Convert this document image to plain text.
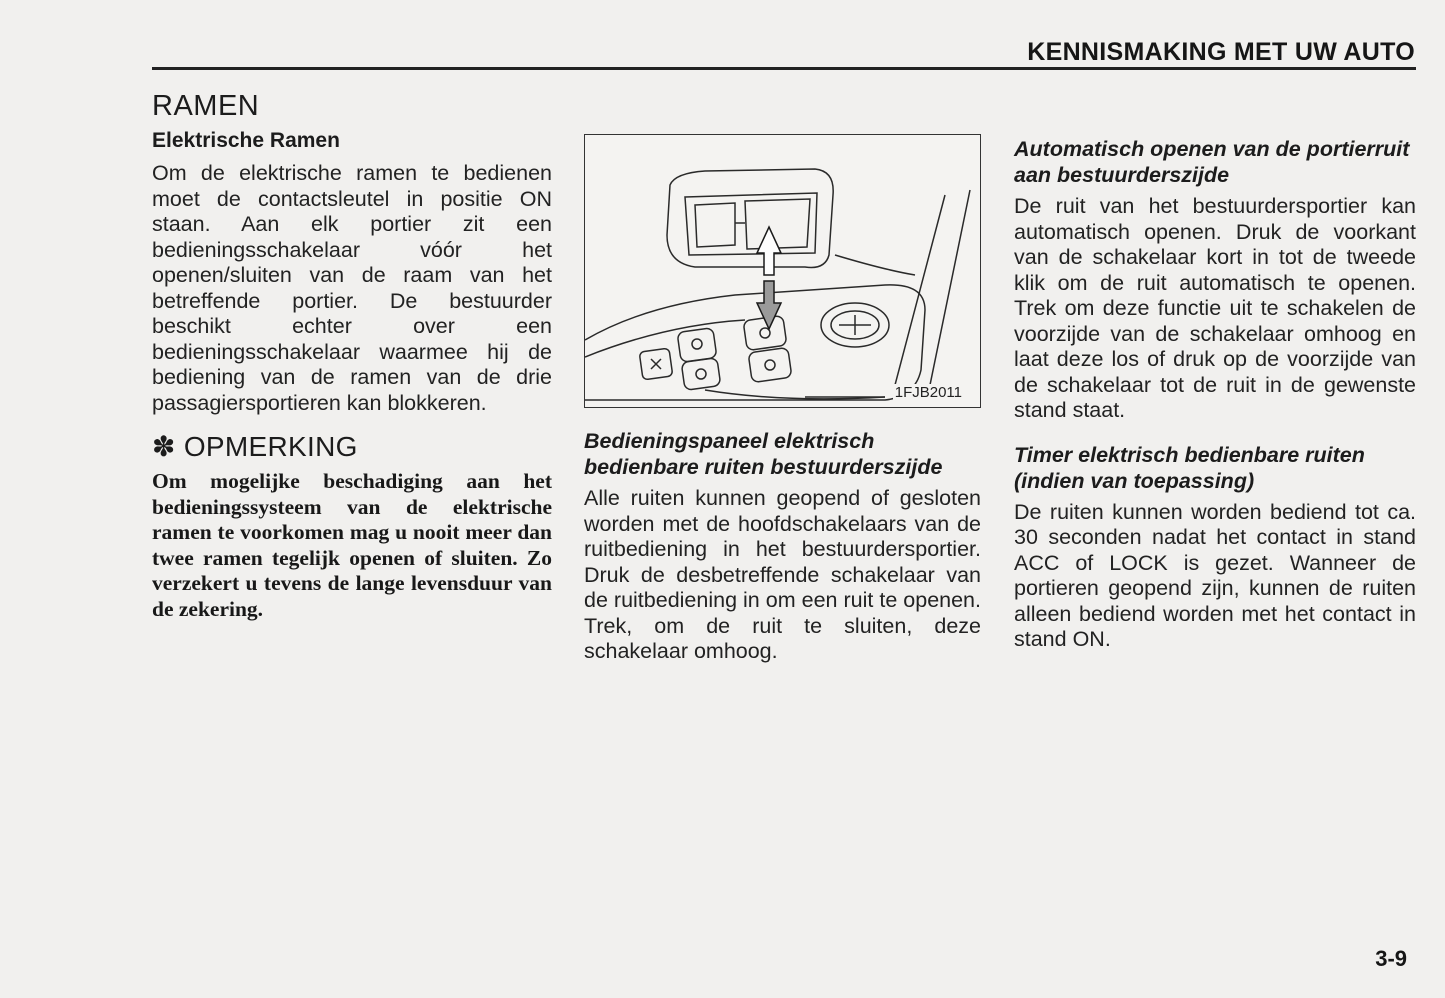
KENNISMAKING MET UW AUTO
RAMEN
Elektrische Ramen

Om de elektrische ramen te bedienen moet de contactsleutel in positie ON staan. Aan elk portier zit een bedieningsschakelaar vóór het openen/sluiten van de raam van het betreffende portier. De bestuurder beschikt echter over een bedieningsschakelaar waarmee hij de bediening van de ramen van de drie passagiersportieren kan blokkeren.

✽ OPMERKING

Om mogelijke beschadiging aan het bedieningssysteem van de elektrische ramen te voorkomen mag u nooit meer dan twee ramen tegelijk openen of sluiten. Zo verzekert u tevens de lange levensduur van de zekering.

1FJB2011

Bedieningspaneel elektrisch bedienbare ruiten bestuurderszijde

Alle ruiten kunnen geopend of gesloten worden met de hoofdschakelaars van de ruitbediening in het bestuurdersportier. Druk de desbetreffende schakelaar van de ruitbediening in om een ruit te openen. Trek, om de ruit te sluiten, deze schakelaar omhoog.

Automatisch openen van de portierruit aan bestuurderszijde

De ruit van het bestuurdersportier kan automatisch openen. Druk de voorkant van de schakelaar kort in tot de tweede klik om de ruit automatisch te openen. Trek om deze functie uit te schakelen de voorzijde van de schakelaar omhoog en laat deze los of druk op de voorzijde van de schakelaar tot de ruit in de gewenste stand staat.

Timer elektrisch bedienbare ruiten (indien van toepassing)

De ruiten kunnen worden bediend tot ca. 30 seconden nadat het contact in stand ACC of LOCK is gezet. Wanneer de portieren geopend zijn, kunnen de ruiten alleen bediend worden met het contact in stand ON.

3-9
